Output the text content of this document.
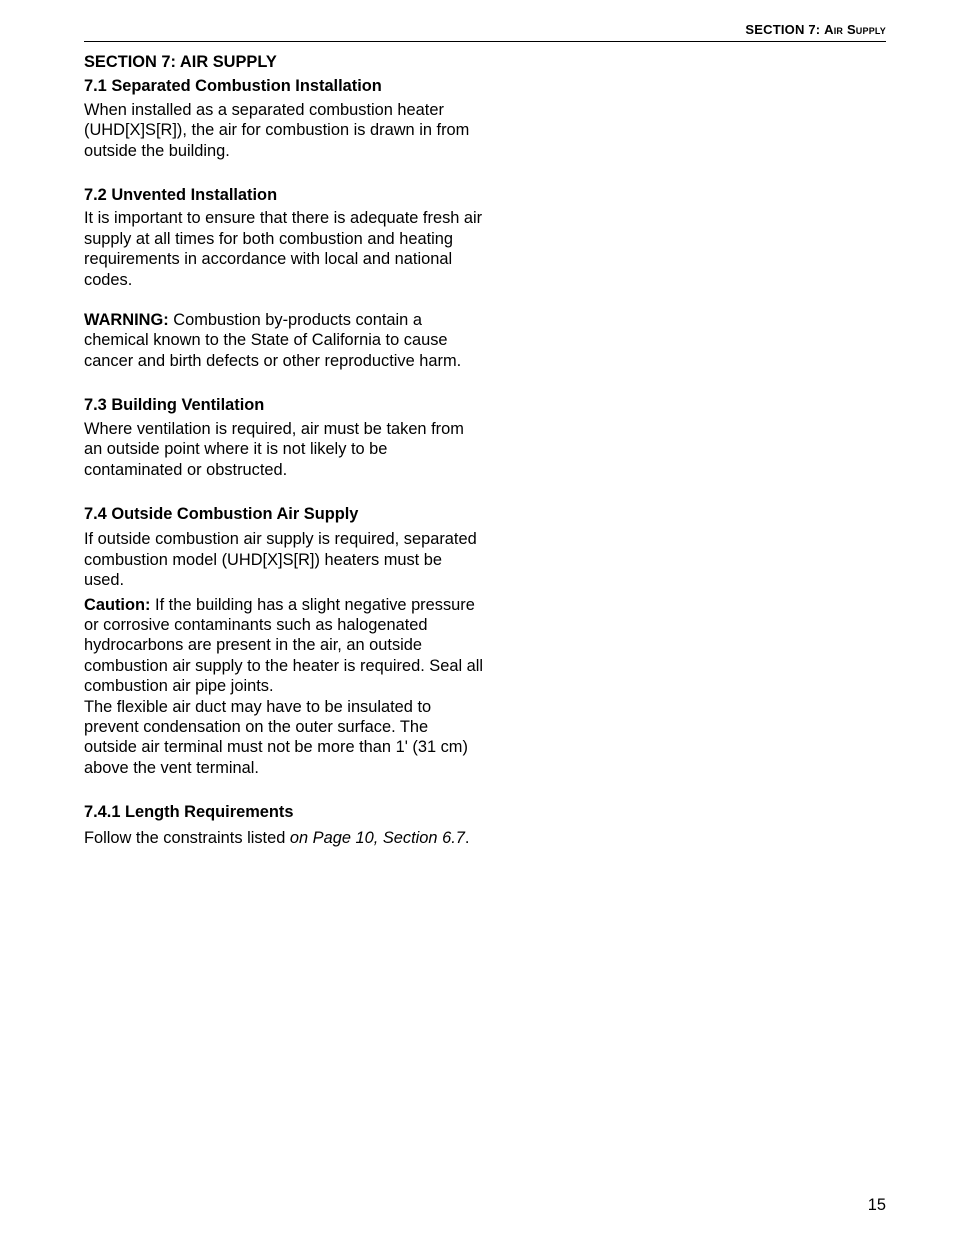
SECTION 7: Air Supply
SECTION 7: AIR SUPPLY
7.1 Separated Combustion Installation

When installed as a separated combustion heater (UHD[X]S[R]), the air for combustion is drawn in from outside the building.

7.2 Unvented Installation

It is important to ensure that there is adequate fresh air supply at all times for both combustion and heating requirements in accordance with local and national codes.

WARNING: Combustion by-products contain a chemical known to the State of California to cause cancer and birth defects or other reproductive harm.

7.3 Building Ventilation

Where ventilation is required, air must be taken from an outside point where it is not likely to be contaminated or obstructed.

7.4 Outside Combustion Air Supply

If outside combustion air supply is required, separated combustion model (UHD[X]S[R]) heaters must be used.

Caution: If the building has a slight negative pressure or corrosive contaminants such as halogenated hydrocarbons are present in the air, an outside combustion air supply to the heater is required. Seal all combustion air pipe joints.

The flexible air duct may have to be insulated to prevent condensation on the outer surface. The outside air terminal must not be more than 1' (31 cm) above the vent terminal.

7.4.1 Length Requirements

Follow the constraints listed on Page 10, Section 6.7.

15
